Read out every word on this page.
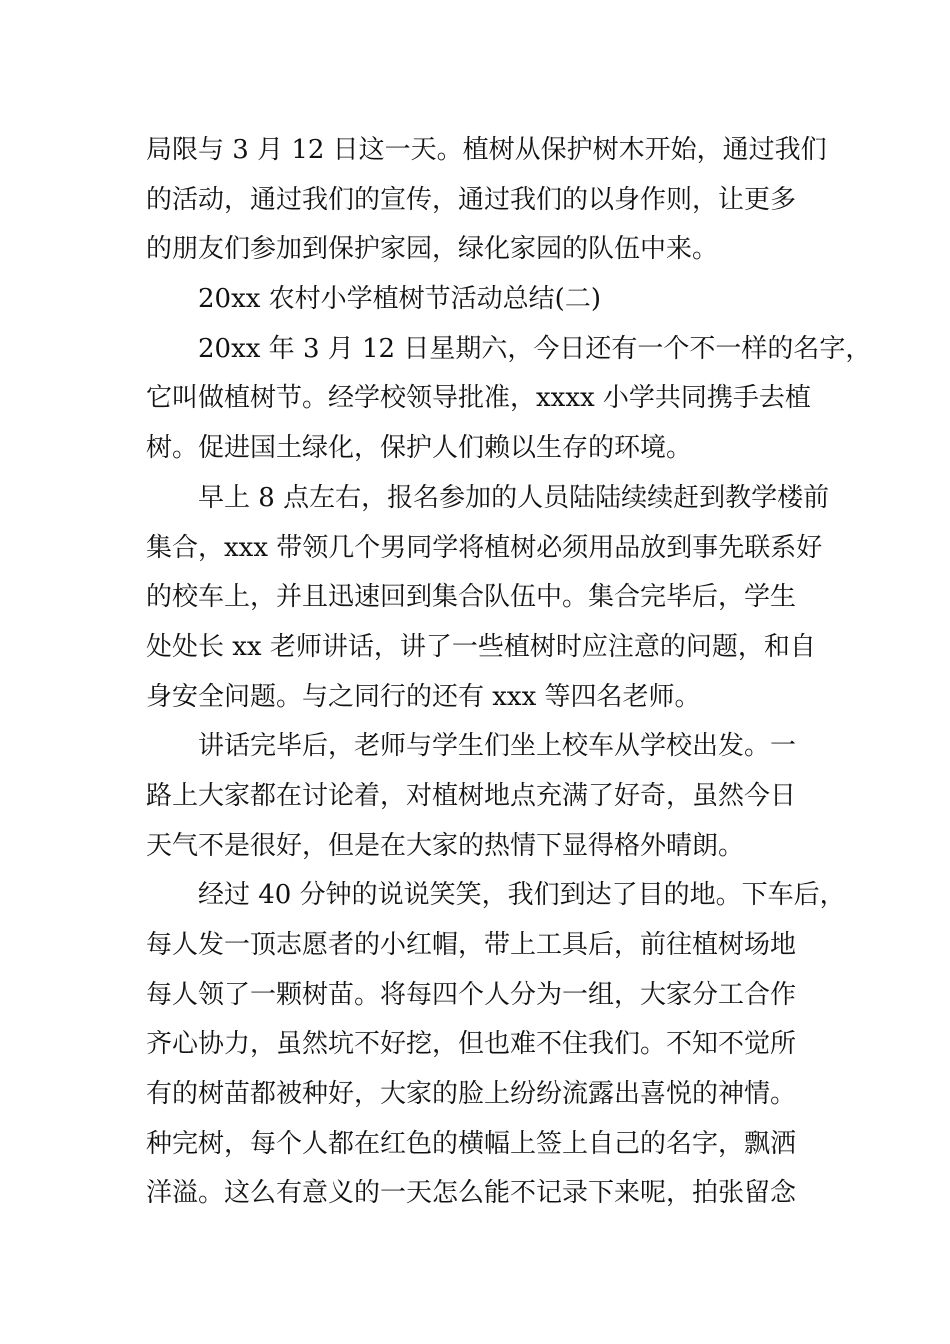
局限与 3 月 12 日这一天。植树从保护树木开始，通过我们
的活动，通过我们的宣传，通过我们的以身作则，让更多
的朋友们参加到保护家园，绿化家园的队伍中来。
20xx 农村小学植树节活动总结(二)
20xx 年 3 月 12 日星期六，今日还有一个不一样的名字，
它叫做植树节。经学校领导批准，xxxx 小学共同携手去植
树。促进国土绿化，保护人们赖以生存的环境。
早上 8 点左右，报名参加的人员陆陆续续赶到教学楼前
集合，xxx 带领几个男同学将植树必须用品放到事先联系好
的校车上，并且迅速回到集合队伍中。集合完毕后，学生
处处长 xx 老师讲话，讲了一些植树时应注意的问题，和自
身安全问题。与之同行的还有 xxx 等四名老师。
讲话完毕后，老师与学生们坐上校车从学校出发。一
路上大家都在讨论着，对植树地点充满了好奇，虽然今日
天气不是很好，但是在大家的热情下显得格外晴朗。
经过 40 分钟的说说笑笑，我们到达了目的地。下车后，
每人发一顶志愿者的小红帽，带上工具后，前往植树场地
每人领了一颗树苗。将每四个人分为一组，大家分工合作
齐心协力，虽然坑不好挖，但也难不住我们。不知不觉所
有的树苗都被种好，大家的脸上纷纷流露出喜悦的神情。
种完树，每个人都在红色的横幅上签上自己的名字，飘洒
洋溢。这么有意义的一天怎么能不记录下来呢，拍张留念
